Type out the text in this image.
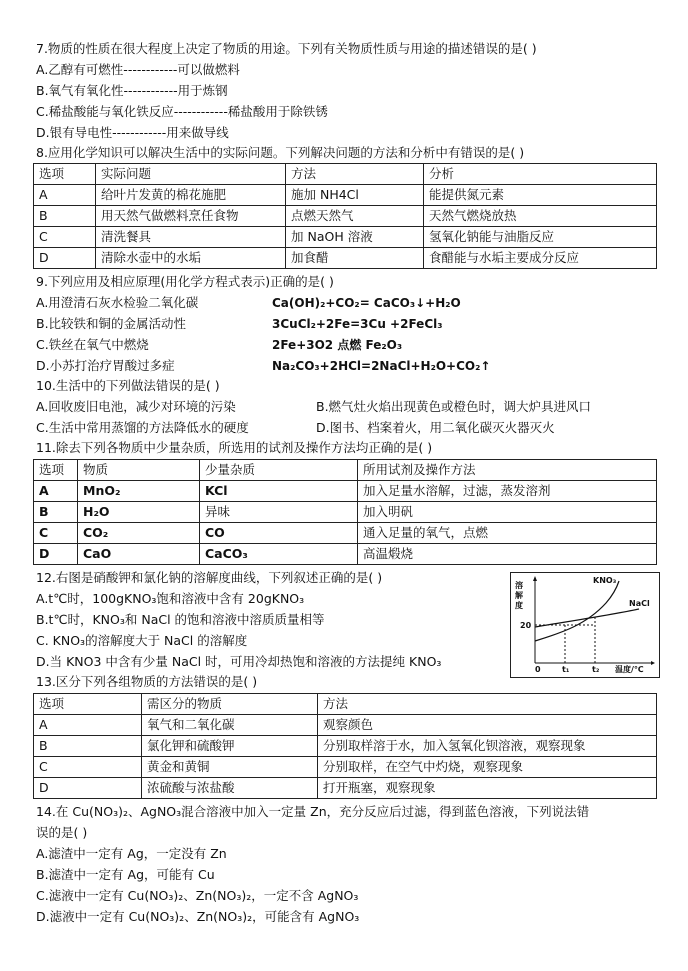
7.物质的性质在很大程度上决定了物质的用途。下列有关物质性质与用途的描述错误的是( )
A.乙醇有可燃性------------可以做燃料
B.氧气有氧化性------------用于炼钢
C.稀盐酸能与氧化铁反应------------稀盐酸用于除铁锈
D.银有导电性------------用来做导线
8.应用化学知识可以解决生活中的实际问题。下列解决问题的方法和分析中有错误的是( )
选项	实际问题	方法	分析
A	给叶片发黄的棉花施肥	施加 NH4Cl	能提供氮元素
B	用天然气做燃料烹任食物	点燃天然气	天然气燃烧放热
C	清洗餐具	加 NaOH 溶液	氢氧化钠能与油脂反应
D	清除水壶中的水垢	加食醋	食醋能与水垢主要成分反应
9.下列应用及相应原理(用化学方程式表示)正确的是( )
A.用澄清石灰水检验二氧化碳	Ca(OH)₂+CO₂= CaCO₃↓+H₂O
B.比较铁和铜的金属活动性	3CuCl₂+2Fe=3Cu +2FeCl₃
C.铁丝在氧气中燃烧	2Fe+3O2 点燃 Fe₂O₃
D.小苏打治疗胃酸过多症	Na₂CO₃+2HCl=2NaCl+H₂O+CO₂↑
10.生活中的下列做法错误的是( )
A.回收废旧电池，减少对环境的污染	B.燃气灶火焰出现黄色或橙色时，调大炉具进风口
C.生活中常用蒸馏的方法降低水的硬度	D.图书、档案着火，用二氧化碳灭火器灭火
11.除去下列各物质中少量杂质，所选用的试剂及操作方法均正确的是( )
选项	物质	少量杂质	所用试剂及操作方法
A	MnO₂	KCl	加入足量水溶解，过滤，蒸发溶剂
B	H₂O	异味	加入明矾
C	CO₂	CO	通入足量的氧气，点燃
D	CaO	CaCO₃	高温煅烧
12.右图是硝酸钾和氯化钠的溶解度曲线，下列叙述正确的是( )
A.t℃时，100gKNO₃饱和溶液中含有 20gKNO₃
B.t℃时，KNO₃和 NaCl 的饱和溶液中溶质质量相等
C. KNO₃的溶解度大于 NaCl 的溶解度
D.当 KNO3 中含有少量 NaCl 时，可用冷却热饱和溶液的方法提纯 KNO₃
溶解度
20
0	t₁	t₂ 温度/℃
KNO₃
NaCl
13.区分下列各组物质的方法错误的是( )
选项	需区分的物质	方法
A	氧气和二氧化碳	观察颜色
B	氯化钾和硫酸钾	分别取样溶于水，加入氢氧化钡溶液，观察现象
C	黄金和黄铜	分别取样，在空气中灼烧，观察现象
D	浓硫酸与浓盐酸	打开瓶塞，观察现象
14.在 Cu(NO₃)₂、AgNO₃混合溶液中加入一定量 Zn，充分反应后过滤，得到蓝色溶液，下列说法错
误的是( )
A.滤渣中一定有 Ag，一定没有 Zn
B.滤渣中一定有 Ag，可能有 Cu
C.滤液中一定有 Cu(NO₃)₂、Zn(NO₃)₂，一定不含 AgNO₃
D.滤液中一定有 Cu(NO₃)₂、Zn(NO₃)₂，可能含有 AgNO₃
